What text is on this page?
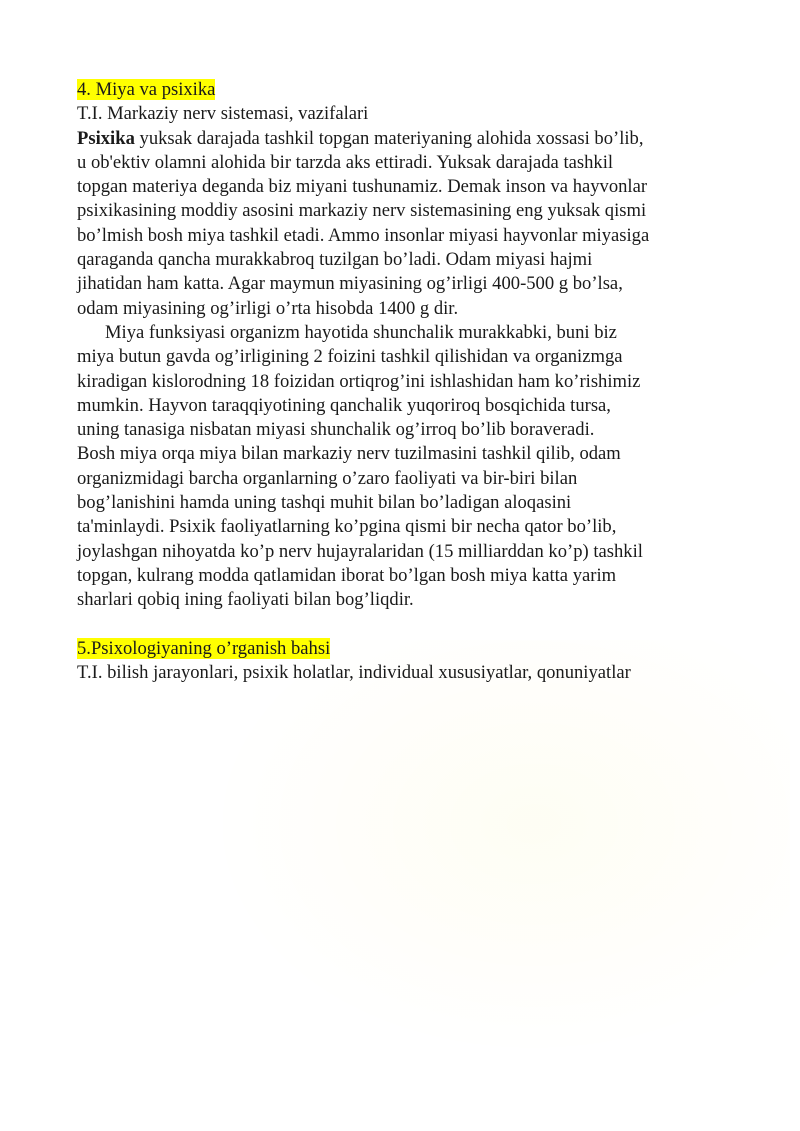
4. Miya va psixika
T.I. Markaziy nerv sistemasi, vazifalari
Psixika yuksak darajada tashkil topgan materiyaning alohida xossasi bo’lib,
u ob'ektiv olamni alohida bir tarzda aks ettiradi. Yuksak darajada tashkil
topgan materiya deganda biz miyani tushunamiz. Demak inson va hayvonlar
psixikasining moddiy asosini markaziy nerv sistemasining eng yuksak qismi
bo’lmish bosh miya tashkil etadi. Ammo insonlar miyasi hayvonlar miyasiga
qaraganda qancha murakkabroq tuzilgan bo’ladi. Odam miyasi hajmi
jihatidan ham katta. Agar maymun miyasining og’irligi 400-500 g bo’lsa,
odam miyasining og’irligi o’rta hisobda 1400 g dir.
Miya funksiyasi organizm hayotida shunchalik murakkabki, buni biz
miya butun gavda og’irligining 2 foizini tashkil qilishidan va organizmga
kiradigan kislorodning 18 foizidan ortiqrog’ini ishlashidan ham ko’rishimiz
mumkin. Hayvon taraqqiyotining qanchalik yuqoriroq bosqichida tursa,
uning tanasiga nisbatan miyasi shunchalik og’irroq bo’lib boraveradi.
Bosh miya orqa miya bilan markaziy nerv tuzilmasini tashkil qilib, odam
organizmidagi barcha organlarning o’zaro faoliyati va bir-biri bilan
bog’lanishini hamda uning tashqi muhit bilan bo’ladigan aloqasini
ta'minlaydi. Psixik faoliyatlarning ko’pgina qismi bir necha qator bo’lib,
joylashgan nihoyatda ko’p nerv hujayralaridan (15 milliarddan ko’p) tashkil
topgan, kulrang modda qatlamidan iborat bo’lgan bosh miya katta yarim
sharlari qobiq ining faoliyati bilan bog’liqdir.
5.Psixologiyaning o’rganish bahsi
T.I. bilish jarayonlari, psixik holatlar, individual xususiyatlar, qonuniyatlar
